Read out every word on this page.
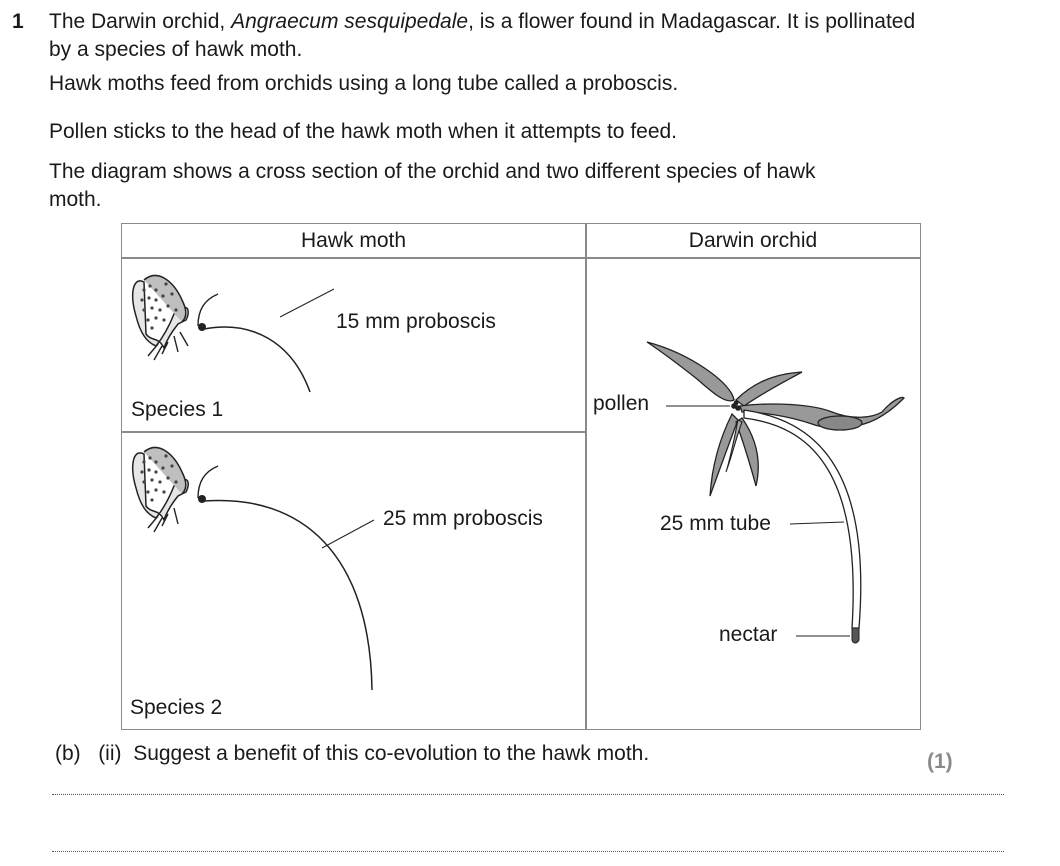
1 The Darwin orchid, Angraecum sesquipedale, is a flower found in Madagascar. It is pollinated by a species of hawk moth.
Hawk moths feed from orchids using a long tube called a proboscis.
Pollen sticks to the head of the hawk moth when it attempts to feed.
The diagram shows a cross section of the orchid and two different species of hawk moth.
Hawk moth	Darwin orchid
15 mm proboscis
Species 1
25 mm proboscis
Species 2
pollen
25 mm tube
nectar
(b) (ii) Suggest a benefit of this co-evolution to the hawk moth.	(1)
